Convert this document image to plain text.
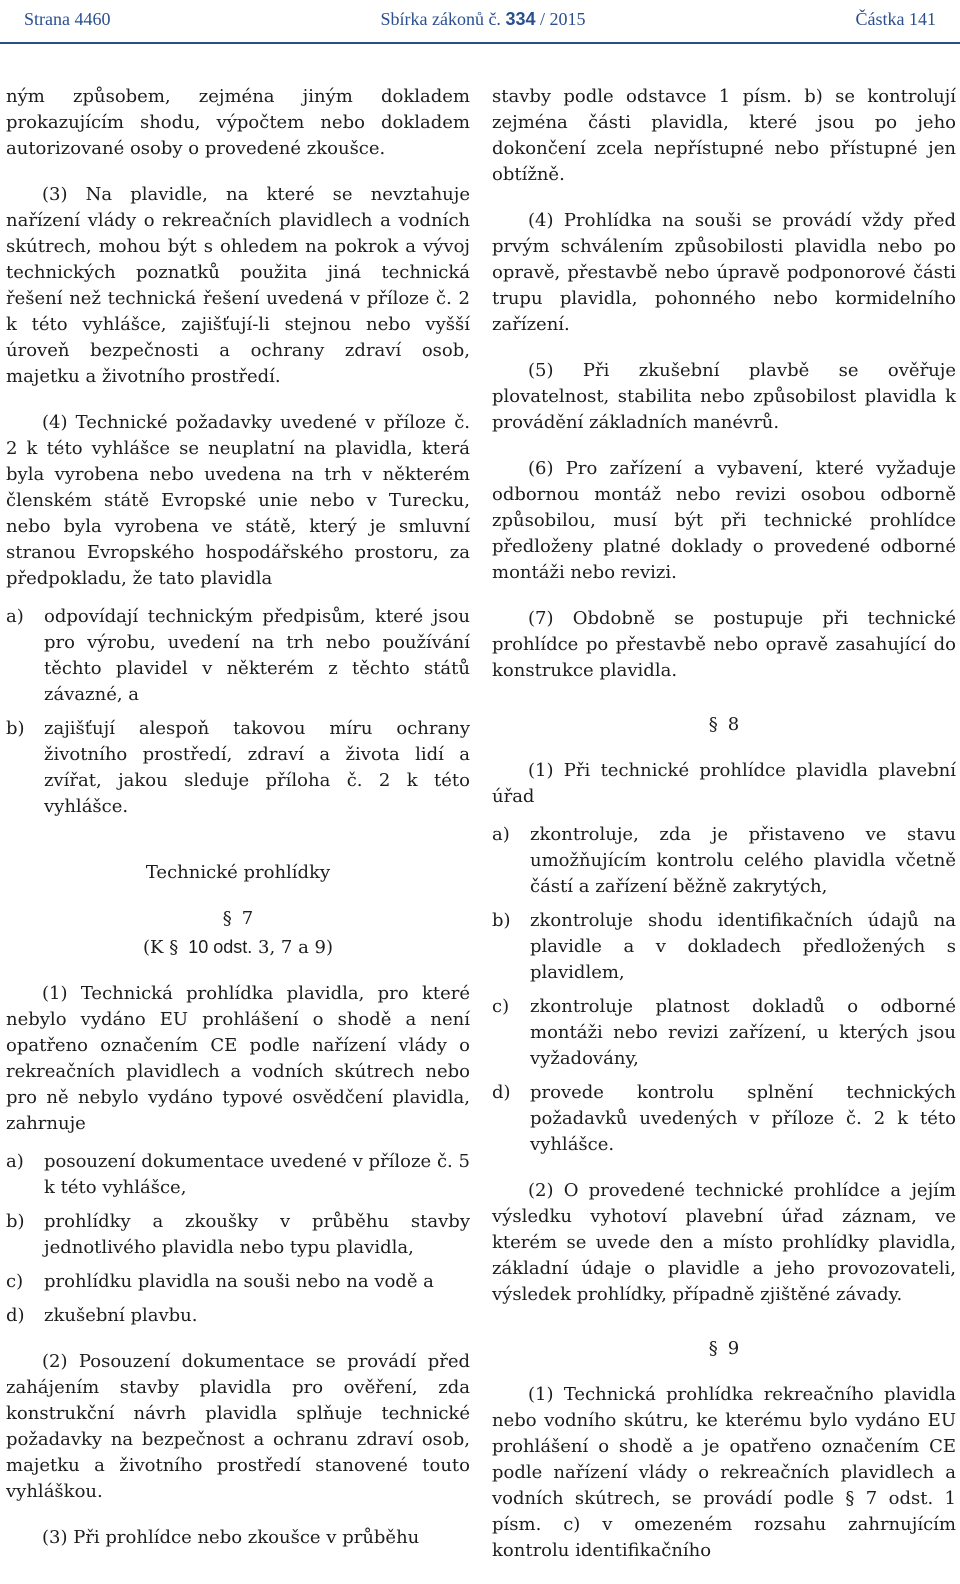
Strana 4460	Sbírka zákonů č. 334 / 2015	Částka 141

ným způsobem, zejména jiným dokladem prokazujícím shodu, výpočtem nebo dokladem autorizované osoby o provedené zkoušce.

(3) Na plavidle, na které se nevztahuje nařízení vlády o rekreačních plavidlech a vodních skútrech, mohou být s ohledem na pokrok a vývoj technických poznatků použita jiná technická řešení než technická řešení uvedená v příloze č. 2 k této vyhlášce, zajišťují-li stejnou nebo vyšší úroveň bezpečnosti a ochrany zdraví osob, majetku a životního prostředí.

(4) Technické požadavky uvedené v příloze č. 2 k této vyhlášce se neuplatní na plavidla, která byla vyrobena nebo uvedena na trh v některém členském státě Evropské unie nebo v Turecku, nebo byla vyrobena ve státě, který je smluvní stranou Evropského hospodářského prostoru, za předpokladu, že tato plavidla

a)	odpovídají technickým předpisům, které jsou pro výrobu, uvedení na trh nebo používání těchto plavidel v některém z těchto států závazné, a
b)	zajišťují alespoň takovou míru ochrany životního prostředí, zdraví a života lidí a zvířat, jakou sleduje příloha č. 2 k této vyhlášce.

Technické prohlídky

§ 7

(K § 10 odst. 3, 7 a 9)

(1) Technická prohlídka plavidla, pro které nebylo vydáno EU prohlášení o shodě a není opatřeno označením CE podle nařízení vlády o rekreačních plavidlech a vodních skútrech nebo pro ně nebylo vydáno typové osvědčení plavidla, zahrnuje

a)	posouzení dokumentace uvedené v příloze č. 5 k této vyhlášce,
b)	prohlídky a zkoušky v průběhu stavby jednotlivého plavidla nebo typu plavidla,
c)	prohlídku plavidla na souši nebo na vodě a
d)	zkušební plavbu.

(2) Posouzení dokumentace se provádí před zahájením stavby plavidla pro ověření, zda konstrukční návrh plavidla splňuje technické požadavky na bezpečnost a ochranu zdraví osob, majetku a životního prostředí stanovené touto vyhláškou.

(3) Při prohlídce nebo zkoušce v průběhu

stavby podle odstavce 1 písm. b) se kontrolují zejména části plavidla, které jsou po jeho dokončení zcela nepřístupné nebo přístupné jen obtížně.

(4) Prohlídka na souši se provádí vždy před prvým schválením způsobilosti plavidla nebo po opravě, přestavbě nebo úpravě podponorové části trupu plavidla, pohonného nebo kormidelního zařízení.

(5) Při zkušební plavbě se ověřuje plovatelnost, stabilita nebo způsobilost plavidla k provádění základních manévrů.

(6) Pro zařízení a vybavení, které vyžaduje odbornou montáž nebo revizi osobou odborně způsobilou, musí být při technické prohlídce předloženy platné doklady o provedené odborné montáži nebo revizi.

(7) Obdobně se postupuje při technické prohlídce po přestavbě nebo opravě zasahující do konstrukce plavidla.

§ 8

(1) Při technické prohlídce plavidla plavební úřad

a)	zkontroluje, zda je přistaveno ve stavu umožňujícím kontrolu celého plavidla včetně částí a zařízení běžně zakrytých,
b)	zkontroluje shodu identifikačních údajů na plavidle a v dokladech předložených s plavidlem,
c)	zkontroluje platnost dokladů o odborné montáži nebo revizi zařízení, u kterých jsou vyžadovány,
d)	provede kontrolu splnění technických požadavků uvedených v příloze č. 2 k této vyhlášce.

(2) O provedené technické prohlídce a jejím výsledku vyhotoví plavební úřad záznam, ve kterém se uvede den a místo prohlídky plavidla, základní údaje o plavidle a jeho provozovateli, výsledek prohlídky, případně zjištěné závady.

§ 9

(1) Technická prohlídka rekreačního plavidla nebo vodního skútru, ke kterému bylo vydáno EU prohlášení o shodě a je opatřeno označením CE podle nařízení vlády o rekreačních plavidlech a vodních skútrech, se provádí podle § 7 odst. 1 písm. c) v omezeném rozsahu zahrnujícím kontrolu identifikačního
